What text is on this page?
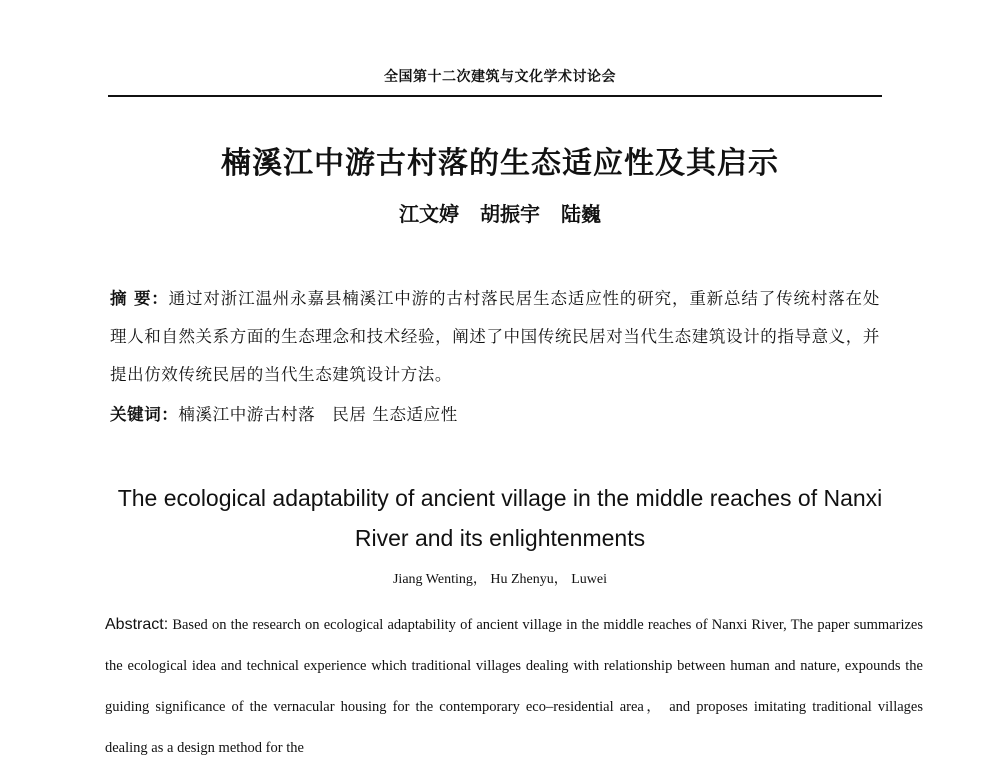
全国第十二次建筑与文化学术讨论会
楠溪江中游古村落的生态适应性及其启示
江文婷 胡振宇 陆巍
摘 要：通过对浙江温州永嘉县楠溪江中游的古村落民居生态适应性的研究，重新总结了传统村落在处理人和自然关系方面的生态理念和技术经验，阐述了中国传统民居对当代生态建筑设计的指导意义，并提出仿效传统民居的当代生态建筑设计方法。
关键词：楠溪江中游古村落　民居 生态适应性
The ecological adaptability of ancient village in the middle reaches of Nanxi River and its enlightenments
Jiang Wenting， Hu Zhenyu， Luwei
Abstract: Based on the research on ecological adaptability of ancient village in the middle reaches of Nanxi River, The paper summarizes the ecological idea and technical experience which traditional villages dealing with relationship between human and nature, expounds the guiding significance of the vernacular housing for the contemporary eco–residential area， and proposes imitating traditional villages dealing as a design method for the
